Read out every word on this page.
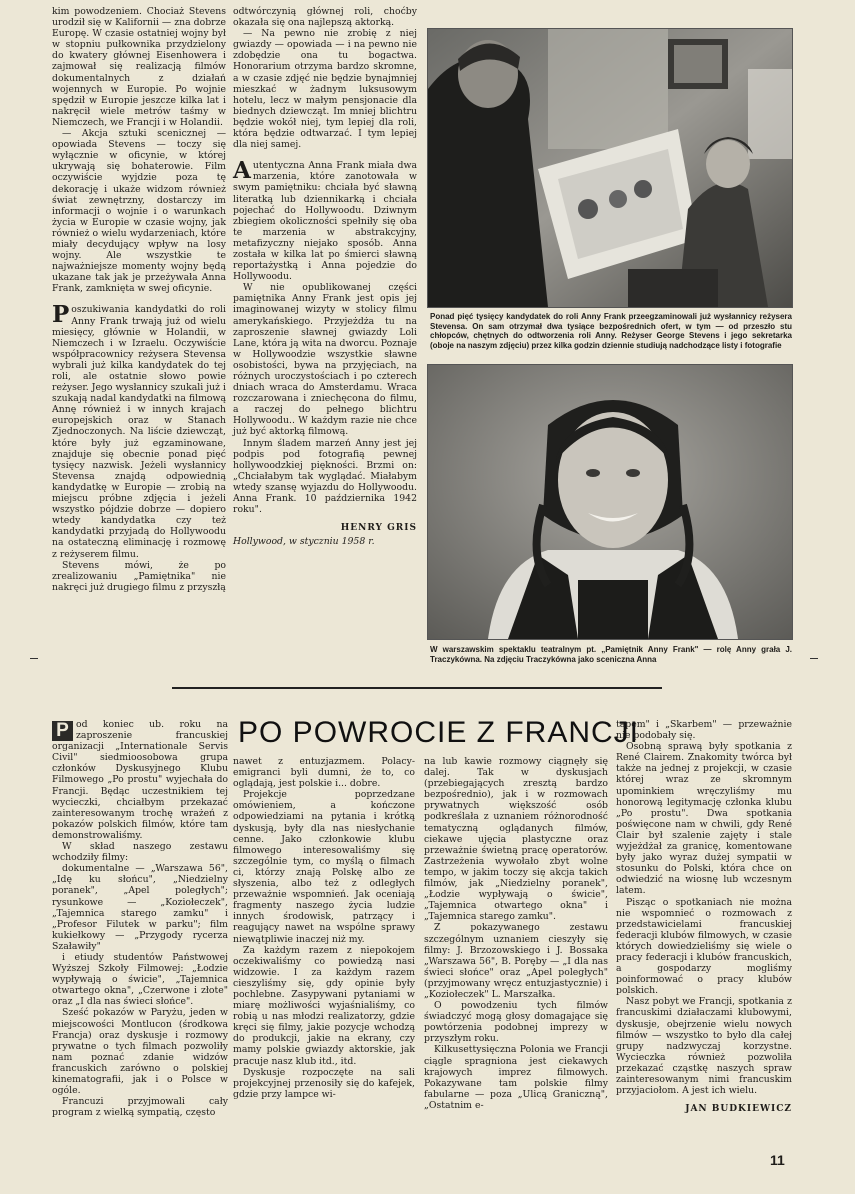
kim powodzeniem. Chociaż Stevens urodził się w Kalifornii — zna dobrze Europę. W czasie ostatniej wojny był w stopniu pułkownika przydzielony do kwatery głównej Eisenhowera i zajmował się realizacją filmów dokumentalnych z działań wojennych w Europie. Po wojnie spędził w Europie jeszcze kilka lat i nakręcił wiele metrów taśmy w Niemczech, we Francji i w Holandii.

— Akcja sztuki scenicznej — opowiada Stevens — toczy się wyłącznie w oficynie, w której ukrywają się bohaterowie. Film oczywiście wyjdzie poza tę dekorację i ukaże widzom również świat zewnętrzny, dostarczy im informacji o wojnie i o warunkach życia w Europie w czasie wojny, jak również o wielu wydarzeniach, które miały decydujący wpływ na losy wojny. Ale wszystkie te najważniejsze momenty wojny będą ukazane tak jak je przeżywała Anna Frank, zamknięta w swej oficynie.

Poszukiwania kandydatki do roli Anny Frank trwają już od wielu miesięcy, głównie w Holandii, w Niemczech i w Izraelu. Oczywiście współpracownicy reżysera Stevensa wybrali już kilka kandydatek do tej roli, ale ostatnie słowo powie reżyser. Jego wysłannicy szukali już i szukają nadal kandydatki na filmową Annę również i w innych krajach europejskich oraz w Stanach Zjednoczonych. Na liście dziewcząt, które były już egzaminowane, znajduje się obecnie ponad pięć tysięcy nazwisk. Jeżeli wysłannicy Stevensa znajdą odpowiednią kandydatkę w Europie — zrobią na miejscu próbne zdjęcia i jeżeli wszystko pójdzie dobrze — dopiero wtedy kandydatka czy też kandydatki przyjadą do Hollywoodu na ostateczną eliminację i rozmowę z reżyserem filmu.

Stevens mówi, że po zrealizowaniu „Pamiętnika" nie nakręci już drugiego filmu z przyszłą

odtwórczynią głównej roli, choćby okazała się ona najlepszą aktorką.

— Na pewno nie zrobię z niej gwiazdy — opowiada — i na pewno nie zdobędzie ona tu bogactwa. Honorarium otrzyma bardzo skromne, a w czasie zdjęć nie będzie bynajmniej mieszkać w żadnym luksusowym hotelu, lecz w małym pensjonacie dla biednych dziewcząt. Im mniej blichtru będzie wokół niej, tym lepiej dla roli, która będzie odtwarzać. I tym lepiej dla niej samej.

Autentyczna Anna Frank miała dwa marzenia, które zanotowała w swym pamiętniku: chciała być sławną literatką lub dziennikarką i chciała pojechać do Hollywoodu. Dziwnym zbiegiem okoliczności spełniły się oba te marzenia w abstrakcyjny, metafizyczny niejako sposób. Anna została w kilka lat po śmierci sławną reportażystką i Anna pojedzie do Hollywoodu.

W nie opublikowanej części pamiętnika Anny Frank jest opis jej imaginowanej wizyty w stolicy filmu amerykańskiego. Przyjeżdża tu na zaproszenie sławnej gwiazdy Loli Lane, która ją wita na dworcu. Poznaje w Hollywoodzie wszystkie sławne osobistości, bywa na przyjęciach, na różnych uroczystościach i po czterech dniach wraca do Amsterdamu. Wraca rozczarowana i zniechęcona do filmu, a raczej do pełnego blichtru Hollywoodu.. W każdym razie nie chce już być aktorką filmową.

Innym śladem marzeń Anny jest jej podpis pod fotografią pewnej hollywoodzkiej piękności. Brzmi on: „Chciałabym tak wyglądać. Miałabym wtedy szansę wyjazdu do Hollywoodu. Anna Frank. 10 października 1942 roku".

HENRY GRIS
Hollywood, w styczniu 1958 r.
Ponad pięć tysięcy kandydatek do roli Anny Frank przeegzaminowali już wysłannicy reżysera Stevensa. On sam otrzymał dwa tysiące bezpośrednich ofert, w tym — od przeszło stu chłopców, chętnych do odtworzenia roli Anny. Reżyser George Stevens i jego sekretarka (oboje na naszym zdjęciu) przez kilka godzin dziennie studiują nadchodzące listy i fotografie
W warszawskim spektaklu teatralnym pt. „Pamiętnik Anny Frank" — rolę Anny grała J. Traczykówna. Na zdjęciu Traczykówna jako sceniczna Anna
PO POWROCIE Z FRANCJI

P od koniec ub. roku na zaproszenie francuskiej organizacji „Internationale Servis Civil" siedmioosobowa grupa członków Dyskusyjnego Klubu Filmowego „Po prostu" wyjechała do Francji. Będąc uczestnikiem tej wycieczki, chciałbym przekazać zainteresowanym trochę wrażeń z pokazów polskich filmów, które tam demonstrowaliśmy.

W skład naszego zestawu wchodziły filmy:

dokumentalne — „Warszawa 56", „Idę ku słońcu", „Niedzielny poranek", „Apel poległych"; rysunkowe — „Koziołeczek", „Tajemnica starego zamku" i „Profesor Filutek w parku"; film kukiełkowy — „Przygody rycerza Szaławiły"

i etiudy studentów Państwowej Wyższej Szkoły Filmowej: „Łodzie wypływają o świcie", „Tajemnica otwartego okna", „Czerwone i złote" oraz „I dla nas świeci słońce".

Sześć pokazów w Paryżu, jeden w miejscowości Montlucon (środkowa Francja) oraz dyskusje i rozmowy prywatne o tych filmach pozwoliły nam poznać zdanie widzów francuskich zarówno o polskiej kinematografii, jak i o Polsce w ogóle.

Francuzi przyjmowali cały program z wielką sympatią, często

nawet z entuzjazmem. Polacy-emigranci byli dumni, że to, co oglądają, jest polskie i... dobre.

Projekcje poprzedzane omówieniem, a kończone odpowiedziami na pytania i krótką dyskusją, były dla nas niesłychanie cenne. Jako członkowie klubu filmowego interesowaliśmy się szczególnie tym, co myślą o filmach ci, którzy znają Polskę albo ze słyszenia, albo też z odległych przeważnie wspomnień. Jak oceniają fragmenty naszego życia ludzie innych środowisk, patrzący i reagujący nawet na wspólne sprawy niewątpliwie inaczej niż my.

Za każdym razem z niepokojem oczekiwaliśmy co powiedzą nasi widzowie. I za każdym razem cieszyliśmy się, gdy opinie były pochlebne. Zasypywani pytaniami w miarę możliwości wyjaśnialiśmy, co robią u nas młodzi realizatorzy, gdzie kręci się filmy, jakie pozycje wchodzą do produkcji, jakie na ekrany, czy mamy polskie gwiazdy aktorskie, jak pracuje nasz klub itd., itd.

Dyskusje rozpoczęte na sali projekcyjnej przenosiły się do kafejek, gdzie przy lampce wi-

na lub kawie rozmowy ciągnęły się dalej. Tak w dyskusjach (przebiegających zresztą bardzo bezpośrednio), jak i w rozmowach prywatnych większość osób podkreślała z uznaniem różnorodność tematyczną oglądanych filmów, ciekawe ujęcia plastyczne oraz przeważnie świetną pracę operatorów. Zastrzeżenia wywołało zbyt wolne tempo, w jakim toczy się akcja takich filmów, jak „Niedzielny poranek", „Łodzie wypływają o świcie", „Tajemnica otwartego okna" i „Tajemnica starego zamku".

Z pokazywanego zestawu szczególnym uznaniem cieszyły się filmy: J. Brzozowskiego i J. Bossaka „Warszawa 56", B. Poręby — „I dla nas świeci słońce" oraz „Apel poległych" (przyjmowany wręcz entuzjastycznie) i „Koziołeczek" L. Marszałka.

O powodzeniu tych filmów świadczyć mogą głosy domagające się powtórzenia podobnej imprezy w przyszłym roku.

Kilkusettysięczna Polonia we Francji ciągle spragniona jest ciekawych krajowych imprez filmowych. Pokazywane tam polskie filmy fabularne — poza „Ulicą Graniczną", „Ostatnim e-

tapem" i „Skarbem" — przeważnie nie podobały się.

Osobną sprawą były spotkania z René Clairem. Znakomity twórca był także na jednej z projekcji, w czasie której wraz ze skromnym upominkiem wręczyliśmy mu honorową legitymację członka klubu „Po prostu". Dwa spotkania poświęcone nam w chwili, gdy René Clair był szalenie zajęty i stale wyjeżdżał za granicę, komentowane były jako wyraz dużej sympatii w stosunku do Polski, która chce on odwiedzić na wiosnę lub wczesnym latem.

Pisząc o spotkaniach nie można nie wspomnieć o rozmowach z przedstawicielami francuskiej federacji klubów filmowych, w czasie których dowiedzieliśmy się wiele o pracy federacji i klubów francuskich, a gospodarzy mogliśmy poinformować o pracy klubów polskich.

Nasz pobyt we Francji, spotkania z francuskimi działaczami klubowymi, dyskusje, obejrzenie wielu nowych filmów — wszystko to było dla całej grupy nadzwyczaj korzystne. Wycieczka również pozwoliła przekazać cząstkę naszych spraw zainteresowanym nimi francuskim przyjaciołom. A jest ich wielu.

JAN BUDKIEWICZ
11
